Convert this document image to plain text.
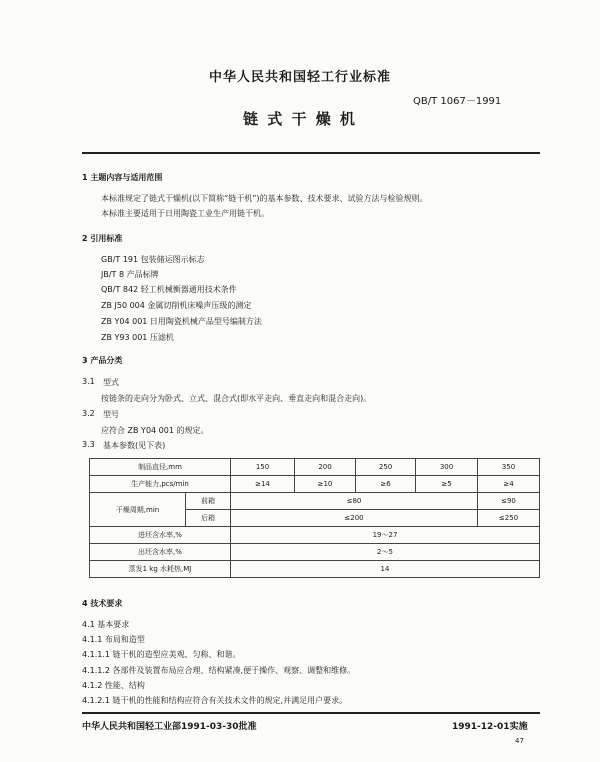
中华人民共和国轻工行业标准
QB/T 1067－1991
链 式 干 燥 机
1 主题内容与适用范围
本标准规定了链式干燥机(以下简称“链干机”)的基本参数、技术要求、试验方法与检验规则。
本标准主要适用于日用陶瓷工业生产用链干机。
2 引用标准
GB/T 191 包装储运图示标志
JB/T 8 产品标牌
QB/T 842 轻工机械衡器通用技术条件
ZB J50 004 金属切削机床噪声压级的测定
ZB Y04 001 日用陶瓷机械产品型号编制方法
ZB Y93 001 压滤机
3 产品分类
3.1 型式
按链条的走向分为卧式、立式、混合式(即水平走向、垂直走向和混合走向)。
3.2 型号
应符合 ZB Y04 001 的规定。
3.3 基本参数(见下表)
制品直径,mm		150	200	250	300	350
生产能力,pcs/min		≥14	≥10	≥6	≥5	≥4
干燥周期,min	前箱	≤80				≤90
	后箱	≤200				≤250
进坯含水率,%		19～27				
出坯含水率,%		2～5				
蒸发1 kg 水耗热,MJ		14				
4 技术要求
4.1 基本要求
4.1.1 布局和造型
4.1.1.1 链干机的造型应美观、匀称、和谐。
4.1.1.2 各部件及装置布局应合理、结构紧凑,便于操作、观察、调整和维修。
4.1.2 性能、结构
4.1.2.1 链干机的性能和结构应符合有关技术文件的规定,并满足用户要求。
中华人民共和国轻工业部1991-03-30批准	1991-12-01实施
47
